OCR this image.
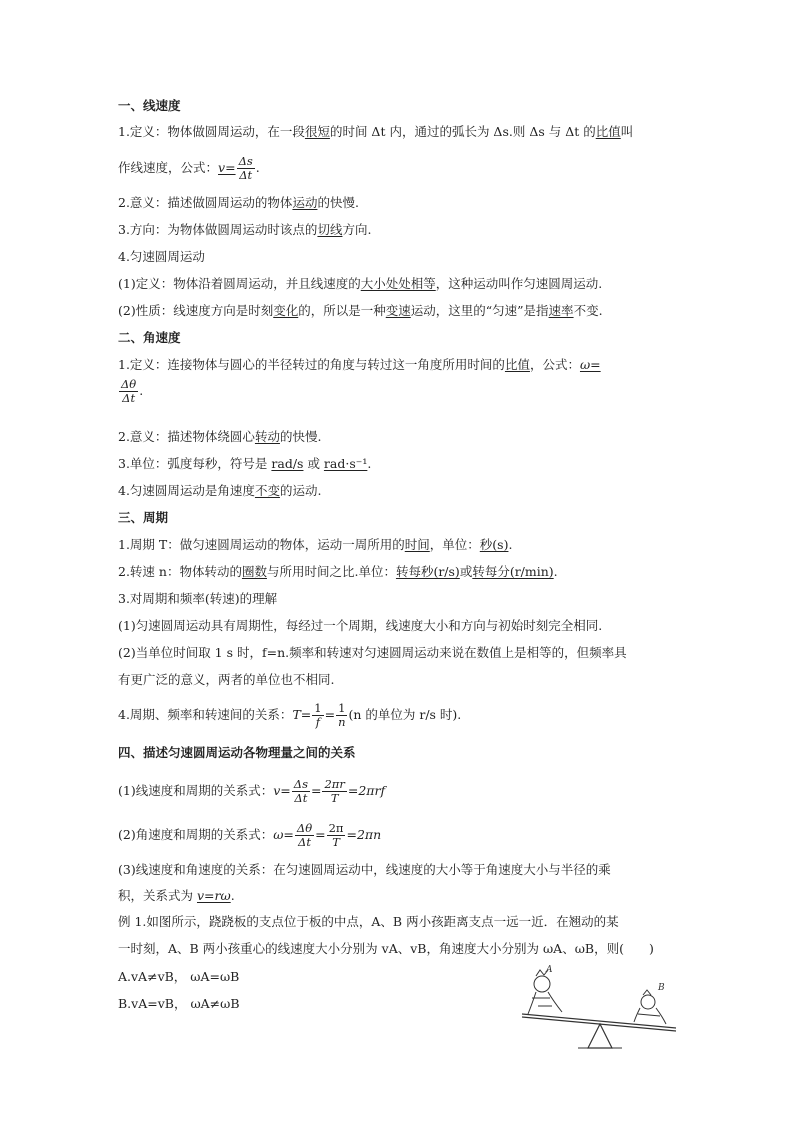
一、线速度
1.定义：物体做圆周运动，在一段很短的时间 Δt 内，通过的弧长为 Δs.则 Δs 与 Δt 的比值叫
作线速度，公式：$v= \frac{\Delta s}{\Delta t}$ .
2.意义：描述做圆周运动的物体运动的快慢.
3.方向：为物体做圆周运动时该点的切线方向.
4.匀速圆周运动
(1)定义：物体沿着圆周运动，并且线速度的大小处处相等，这种运动叫作匀速圆周运动.
(2)性质：线速度方向是时刻变化的，所以是一种变速运动，这里的“匀速”是指速率不变.
二、角速度
1.定义：连接物体与圆心的半径转过的角度与转过这一角度所用时间的比值，公式：ω=
$\frac{\Delta\theta}{\Delta t}$ .
2.意义：描述物体绕圆心转动的快慢.
3.单位：弧度每秒，符号是 rad/s 或 rad·s⁻¹.
4.匀速圆周运动是角速度不变的运动.
三、周期
1.周期 T：做匀速圆周运动的物体，运动一周所用的时间，单位：秒(s).
2.转速 n：物体转动的圈数与所用时间之比.单位：转每秒(r/s)或转每分(r/min).
3.对周期和频率(转速)的理解
(1)匀速圆周运动具有周期性，每经过一个周期，线速度大小和方向与初始时刻完全相同.
(2)当单位时间取 1 s 时，f=n.频率和转速对匀速圆周运动来说在数值上是相等的，但频率具
有更广泛的意义，两者的单位也不相同.
4.周期、频率和转速间的关系：$T= \frac{1}{f} = \frac{1}{n} (n$ 的单位为 r/s 时).
四、描述匀速圆周运动各物理量之间的关系
(1)线速度和周期的关系式：$v= \frac{\Delta s}{\Delta t} = \frac{2\pi r}{T} =2\pi rf$
(2)角速度和周期的关系式：$\omega= \frac{\Delta\theta}{\Delta t} = \frac{2\pi}{T} =2\pi n$
(3)线速度和角速度的关系：在匀速圆周运动中，线速度的大小等于角速度大小与半径的乘
积，关系式为 v=rω.
例 1.如图所示，跷跷板的支点位于板的中点，A、B 两小孩距离支点一远一近．在翘动的某
一时刻，A、B 两小孩重心的线速度大小分别为 vA、vB，角速度大小分别为 ωA、ωB，则(　　)
A.vA≠vB， ωA=ωB
B.vA=vB， ωA≠ωB
A
B
